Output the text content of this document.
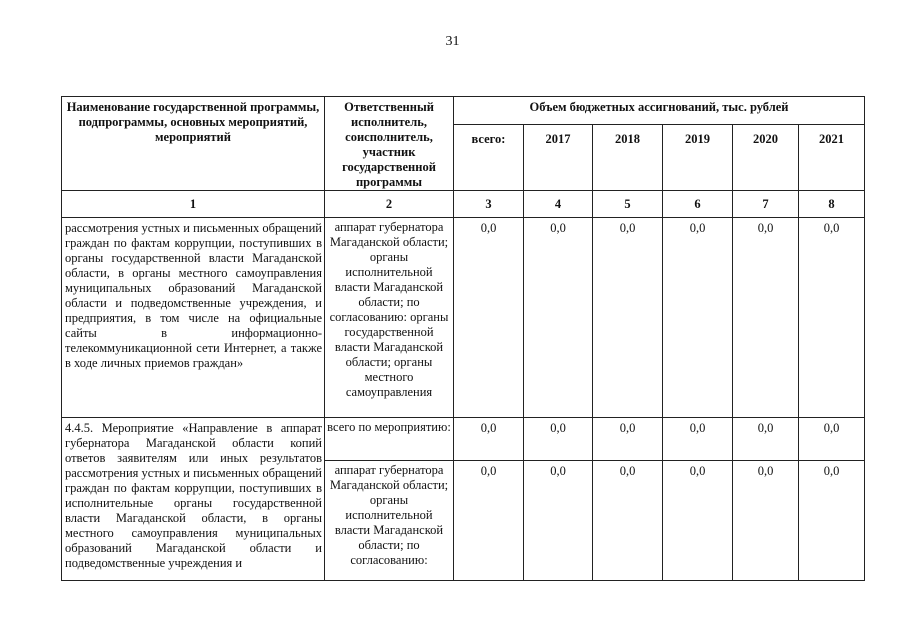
31
Наименование государственной программы, подпрограммы, основных мероприятий, мероприятий	Ответственный исполнитель, соисполнитель, участник государственной программы	Объем бюджетных ассигнований, тыс. рублей					
		всего:	2017	2018	2019	2020	2021
1	2	3	4	5	6	7	8
рассмотрения устных и письменных обращений граждан по фактам коррупции, поступивших в органы государственной власти Магаданской области, в органы местного самоуправления муниципальных образований Магаданской области и подведомственные учреждения, и предприятия, в том числе на официальные сайты в информационно-телекоммуникационной сети Интернет, а также в ходе личных приемов граждан»	аппарат губернатора Магаданской области; органы исполнительной власти Магаданской области; по согласованию: органы государственной власти Магаданской области; органы местного самоуправления	0,0	0,0	0,0	0,0	0,0	0,0
4.4.5. Мероприятие «Направление в аппарат губернатора Магаданской области копий ответов заявителям или иных результатов рассмотрения устных и письменных обращений граждан по фактам коррупции, поступивших в исполнительные органы государственной власти Магаданской области, в органы местного самоуправления муниципальных образований Магаданской области и подведомственные учреждения и	всего по мероприятию:	0,0	0,0	0,0	0,0	0,0	0,0
	аппарат губернатора Магаданской области; органы исполнительной власти Магаданской области; по согласованию:	0,0	0,0	0,0	0,0	0,0	0,0
